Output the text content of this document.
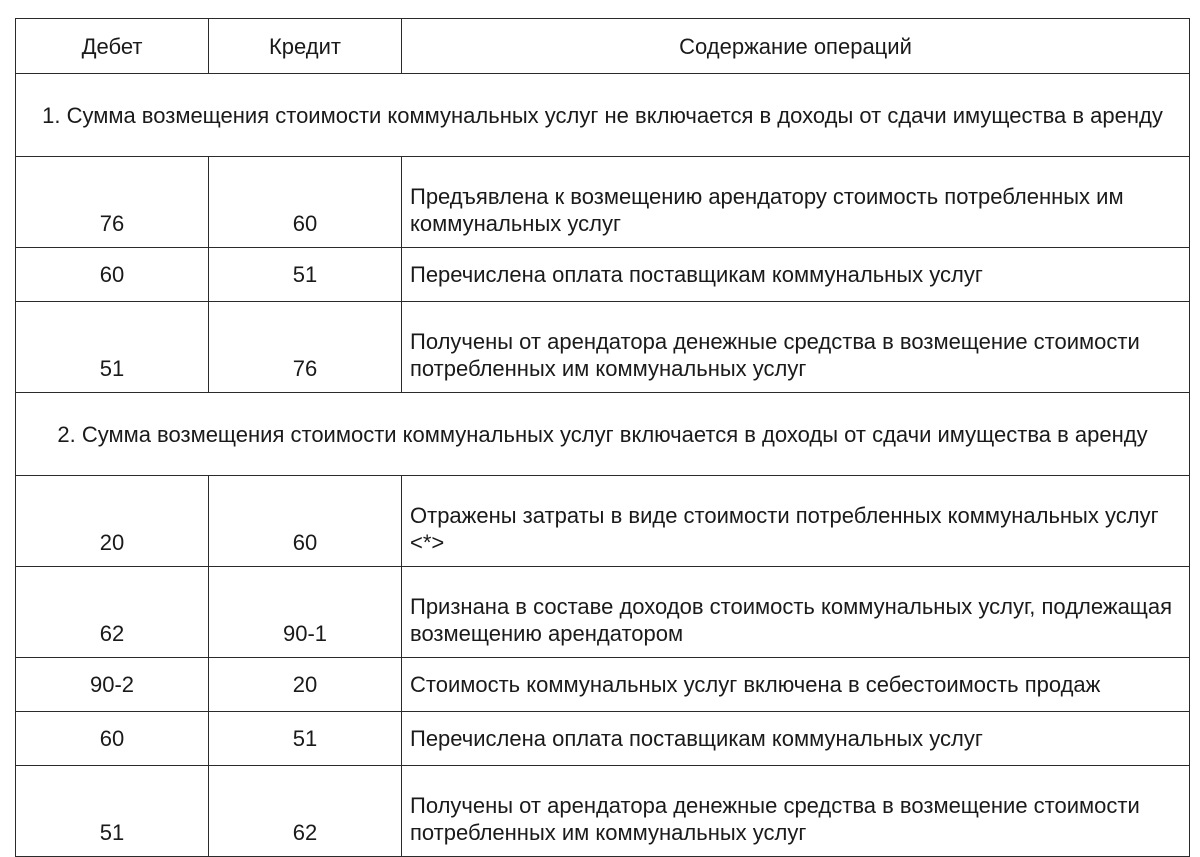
Дебет	Кредит	Содержание операций
1. Сумма возмещения стоимости коммунальных услуг не включается в доходы от сдачи имущества в аренду		
76	60	Предъявлена к возмещению арендатору стоимость потребленных им коммунальных услуг
60	51	Перечислена оплата поставщикам коммунальных услуг
51	76	Получены от арендатора денежные средства в возмещение стоимости потребленных им коммунальных услуг
2. Сумма возмещения стоимости коммунальных услуг включается в доходы от сдачи имущества в аренду		
20	60	Отражены затраты в виде стоимости потребленных коммунальных услуг <*>
62	90-1	Признана в составе доходов стоимость коммунальных услуг, подлежащая возмещению арендатором
90-2	20	Стоимость коммунальных услуг включена в себестоимость продаж
60	51	Перечислена оплата поставщикам коммунальных услуг
51	62	Получены от арендатора денежные средства в возмещение стоимости потребленных им коммунальных услуг
